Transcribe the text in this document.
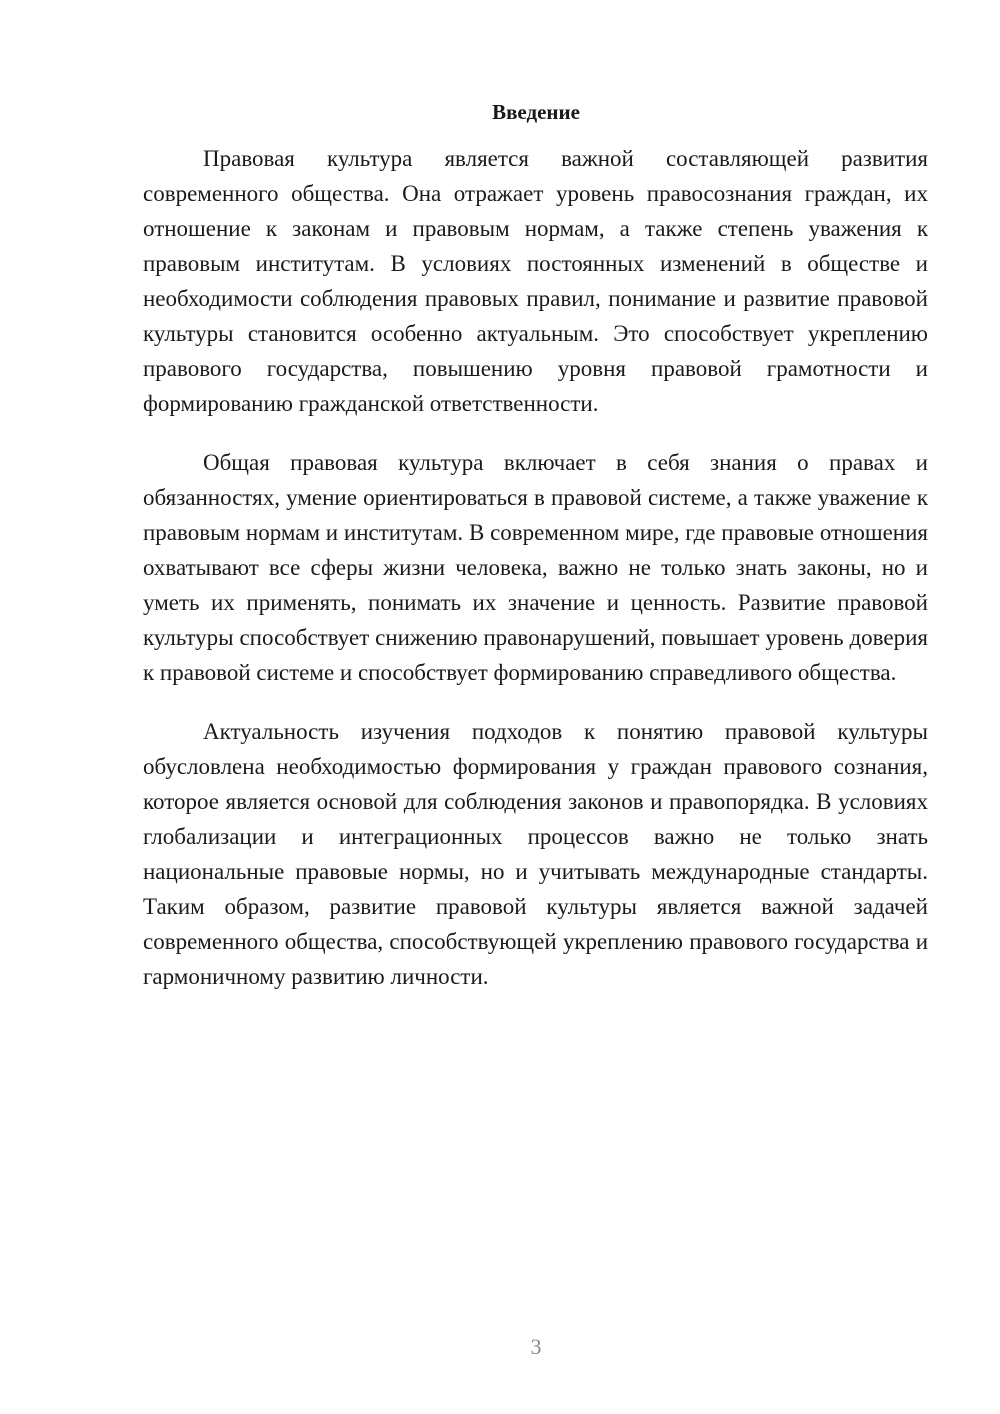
Введение

Правовая культура является важной составляющей развития современного общества. Она отражает уровень правосознания граждан, их отношение к законам и правовым нормам, а также степень уважения к правовым институтам. В условиях постоянных изменений в обществе и необходимости соблюдения правовых правил, понимание и развитие правовой культуры становится особенно актуальным. Это способствует укреплению правового государства, повышению уровня правовой грамотности и формированию гражданской ответственности.

Общая правовая культура включает в себя знания о правах и обязанностях, умение ориентироваться в правовой системе, а также уважение к правовым нормам и институтам. В современном мире, где правовые отношения охватывают все сферы жизни человека, важно не только знать законы, но и уметь их применять, понимать их значение и ценность. Развитие правовой культуры способствует снижению правонарушений, повышает уровень доверия к правовой системе и способствует формированию справедливого общества.

Актуальность изучения подходов к понятию правовой культуры обусловлена необходимостью формирования у граждан правового сознания, которое является основой для соблюдения законов и правопорядка. В условиях глобализации и интеграционных процессов важно не только знать национальные правовые нормы, но и учитывать международные стандарты. Таким образом, развитие правовой культуры является важной задачей современного общества, способствующей укреплению правового государства и гармоничному развитию личности.

3
